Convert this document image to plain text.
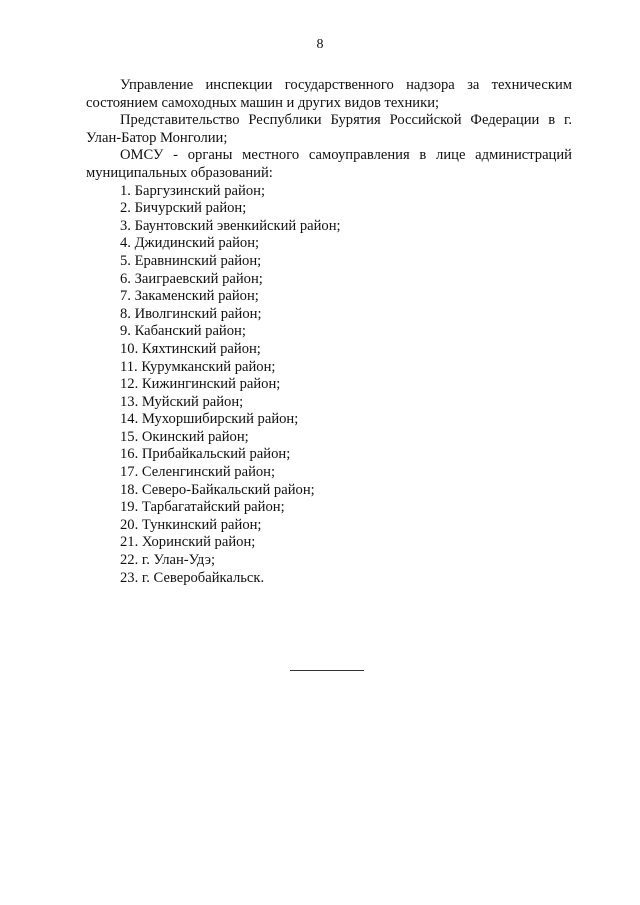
8

Управление инспекции государственного надзора за техническим состоянием самоходных машин и других видов техники;

Представительство Республики Бурятия Российской Федерации в г. Улан-Батор Монголии;

ОМСУ - органы местного самоуправления в лице администраций муниципальных образований:

1. Баргузинский район;
2. Бичурский район;
3. Баунтовский эвенкийский район;
4. Джидинский район;
5. Еравнинский район;
6. Заиграевский район;
7. Закаменский район;
8. Иволгинский район;
9. Кабанский район;
10. Кяхтинский район;
11. Курумканский район;
12. Кижингинский район;
13. Муйский район;
14. Мухоршибирский район;
15. Окинский район;
16. Прибайкальский район;
17. Селенгинский район;
18. Северо-Байкальский район;
19. Тарбагатайский район;
20. Тункинский район;
21. Хоринский район;
22. г. Улан-Удэ;
23. г. Северобайкальск.
